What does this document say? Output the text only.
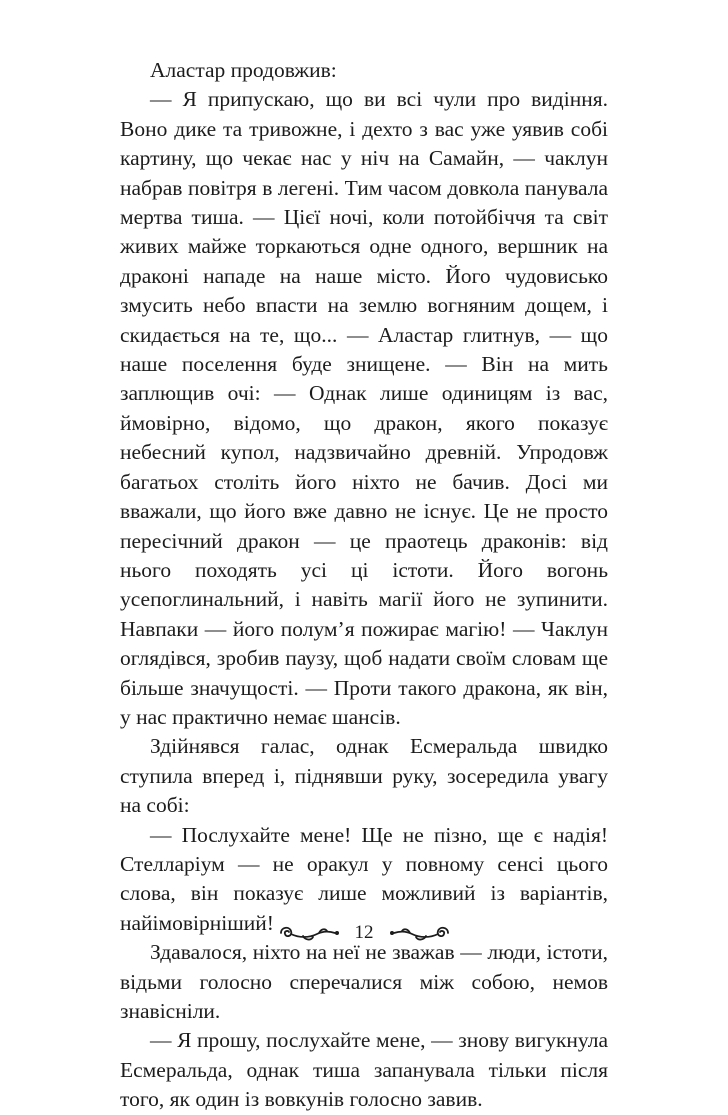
Аластар продовжив:

— Я припускаю, що ви всі чули про видіння. Воно дике та тривожне, і дехто з вас уже уявив собі картину, що чекає нас у ніч на Самайн, — чаклун набрав повітря в легені. Тим часом довкола панувала мертва тиша. — Цієї ночі, коли потойбіччя та світ живих майже торкаються одне одного, вершник на драконі нападе на наше місто. Його чудовисько змусить небо впасти на землю вогняним дощем, і скидається на те, що... — Аластар глитнув, — що наше поселення буде знищене. — Він на мить заплющив очі: — Однак лише одиницям із вас, ймовірно, відомо, що дракон, якого показує небесний купол, надзвичайно древній. Упродовж багатьох століть його ніхто не бачив. Досі ми вважали, що його вже давно не існує. Це не просто пересічний дракон — це праотець драконів: від нього походять усі ці істоти. Його вогонь усепоглинальний, і навіть магії його не зупинити. Навпаки — його полум’я пожирає магію! — Чаклун оглядівся, зробив паузу, щоб надати своїм словам ще більше значущості. — Проти такого дракона, як він, у нас практично немає шансів.

Здійнявся галас, однак Есмеральда швидко ступила вперед і, піднявши руку, зосередила увагу на собі:

— Послухайте мене! Ще не пізно, ще є надія! Стелларіум — не оракул у повному сенсі цього слова, він показує лише можливий із варіантів, найімовірніший!

Здавалося, ніхто на неї не зважав — люди, істоти, відьми голосно сперечалися між собою, немов знавісніли.

— Я прошу, послухайте мене, — знову вигукнула Есмеральда, однак тиша запанувала тільки після того, як один із вовкунів голосно завив.

12
